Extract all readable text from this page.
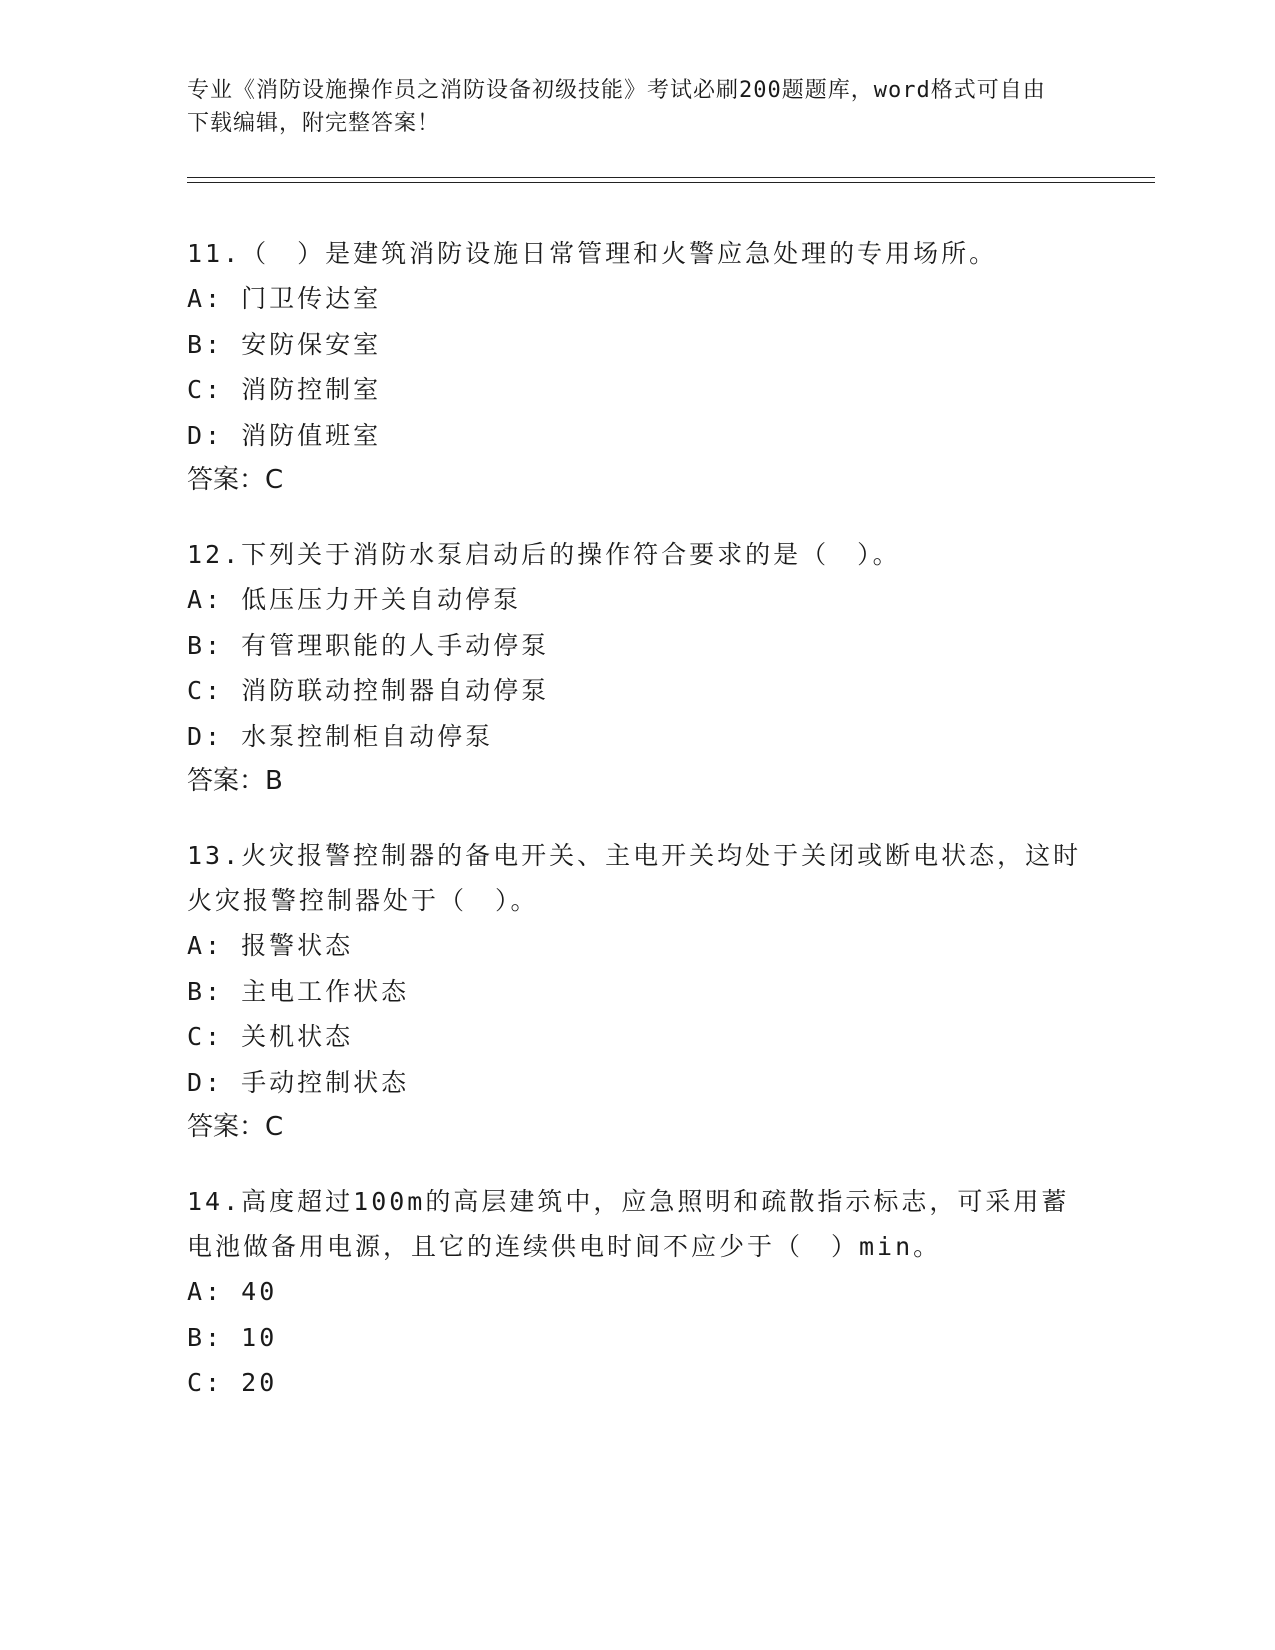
专业《消防设施操作员之消防设备初级技能》考试必刷200题题库，word格式可自由下载编辑，附完整答案！

11.（　）是建筑消防设施日常管理和火警应急处理的专用场所。

A: 门卫传达室

B: 安防保安室

C: 消防控制室

D: 消防值班室

答案：C

12.下列关于消防水泵启动后的操作符合要求的是（　）。

A: 低压压力开关自动停泵

B: 有管理职能的人手动停泵

C: 消防联动控制器自动停泵

D: 水泵控制柜自动停泵

答案：B

13.火灾报警控制器的备电开关、主电开关均处于关闭或断电状态，这时火灾报警控制器处于（　）。

A: 报警状态

B: 主电工作状态

C: 关机状态

D: 手动控制状态

答案：C

14.高度超过100m的高层建筑中，应急照明和疏散指示标志，可采用蓄电池做备用电源，且它的连续供电时间不应少于（　）min。

A: 40

B: 10

C: 20
